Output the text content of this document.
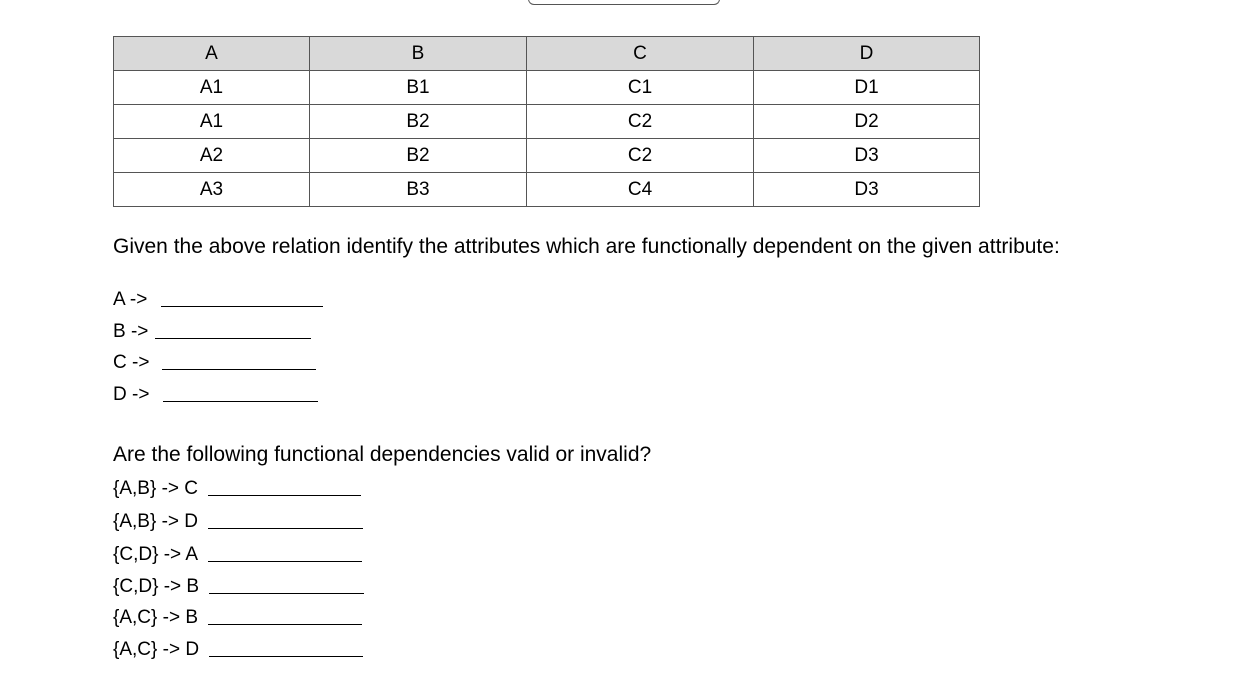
A	B	C	D
A1	B1	C1	D1
A1	B2	C2	D2
A2	B2	C2	D3
A3	B3	C4	D3
Given the above relation identify the attributes which are functionally dependent on the given attribute:
A ->
B ->
C ->
D ->
Are the following functional dependencies valid or invalid?
{A,B} -> C
{A,B} -> D
{C,D} -> A
{C,D} -> B
{A,C} -> B
{A,C} -> D
